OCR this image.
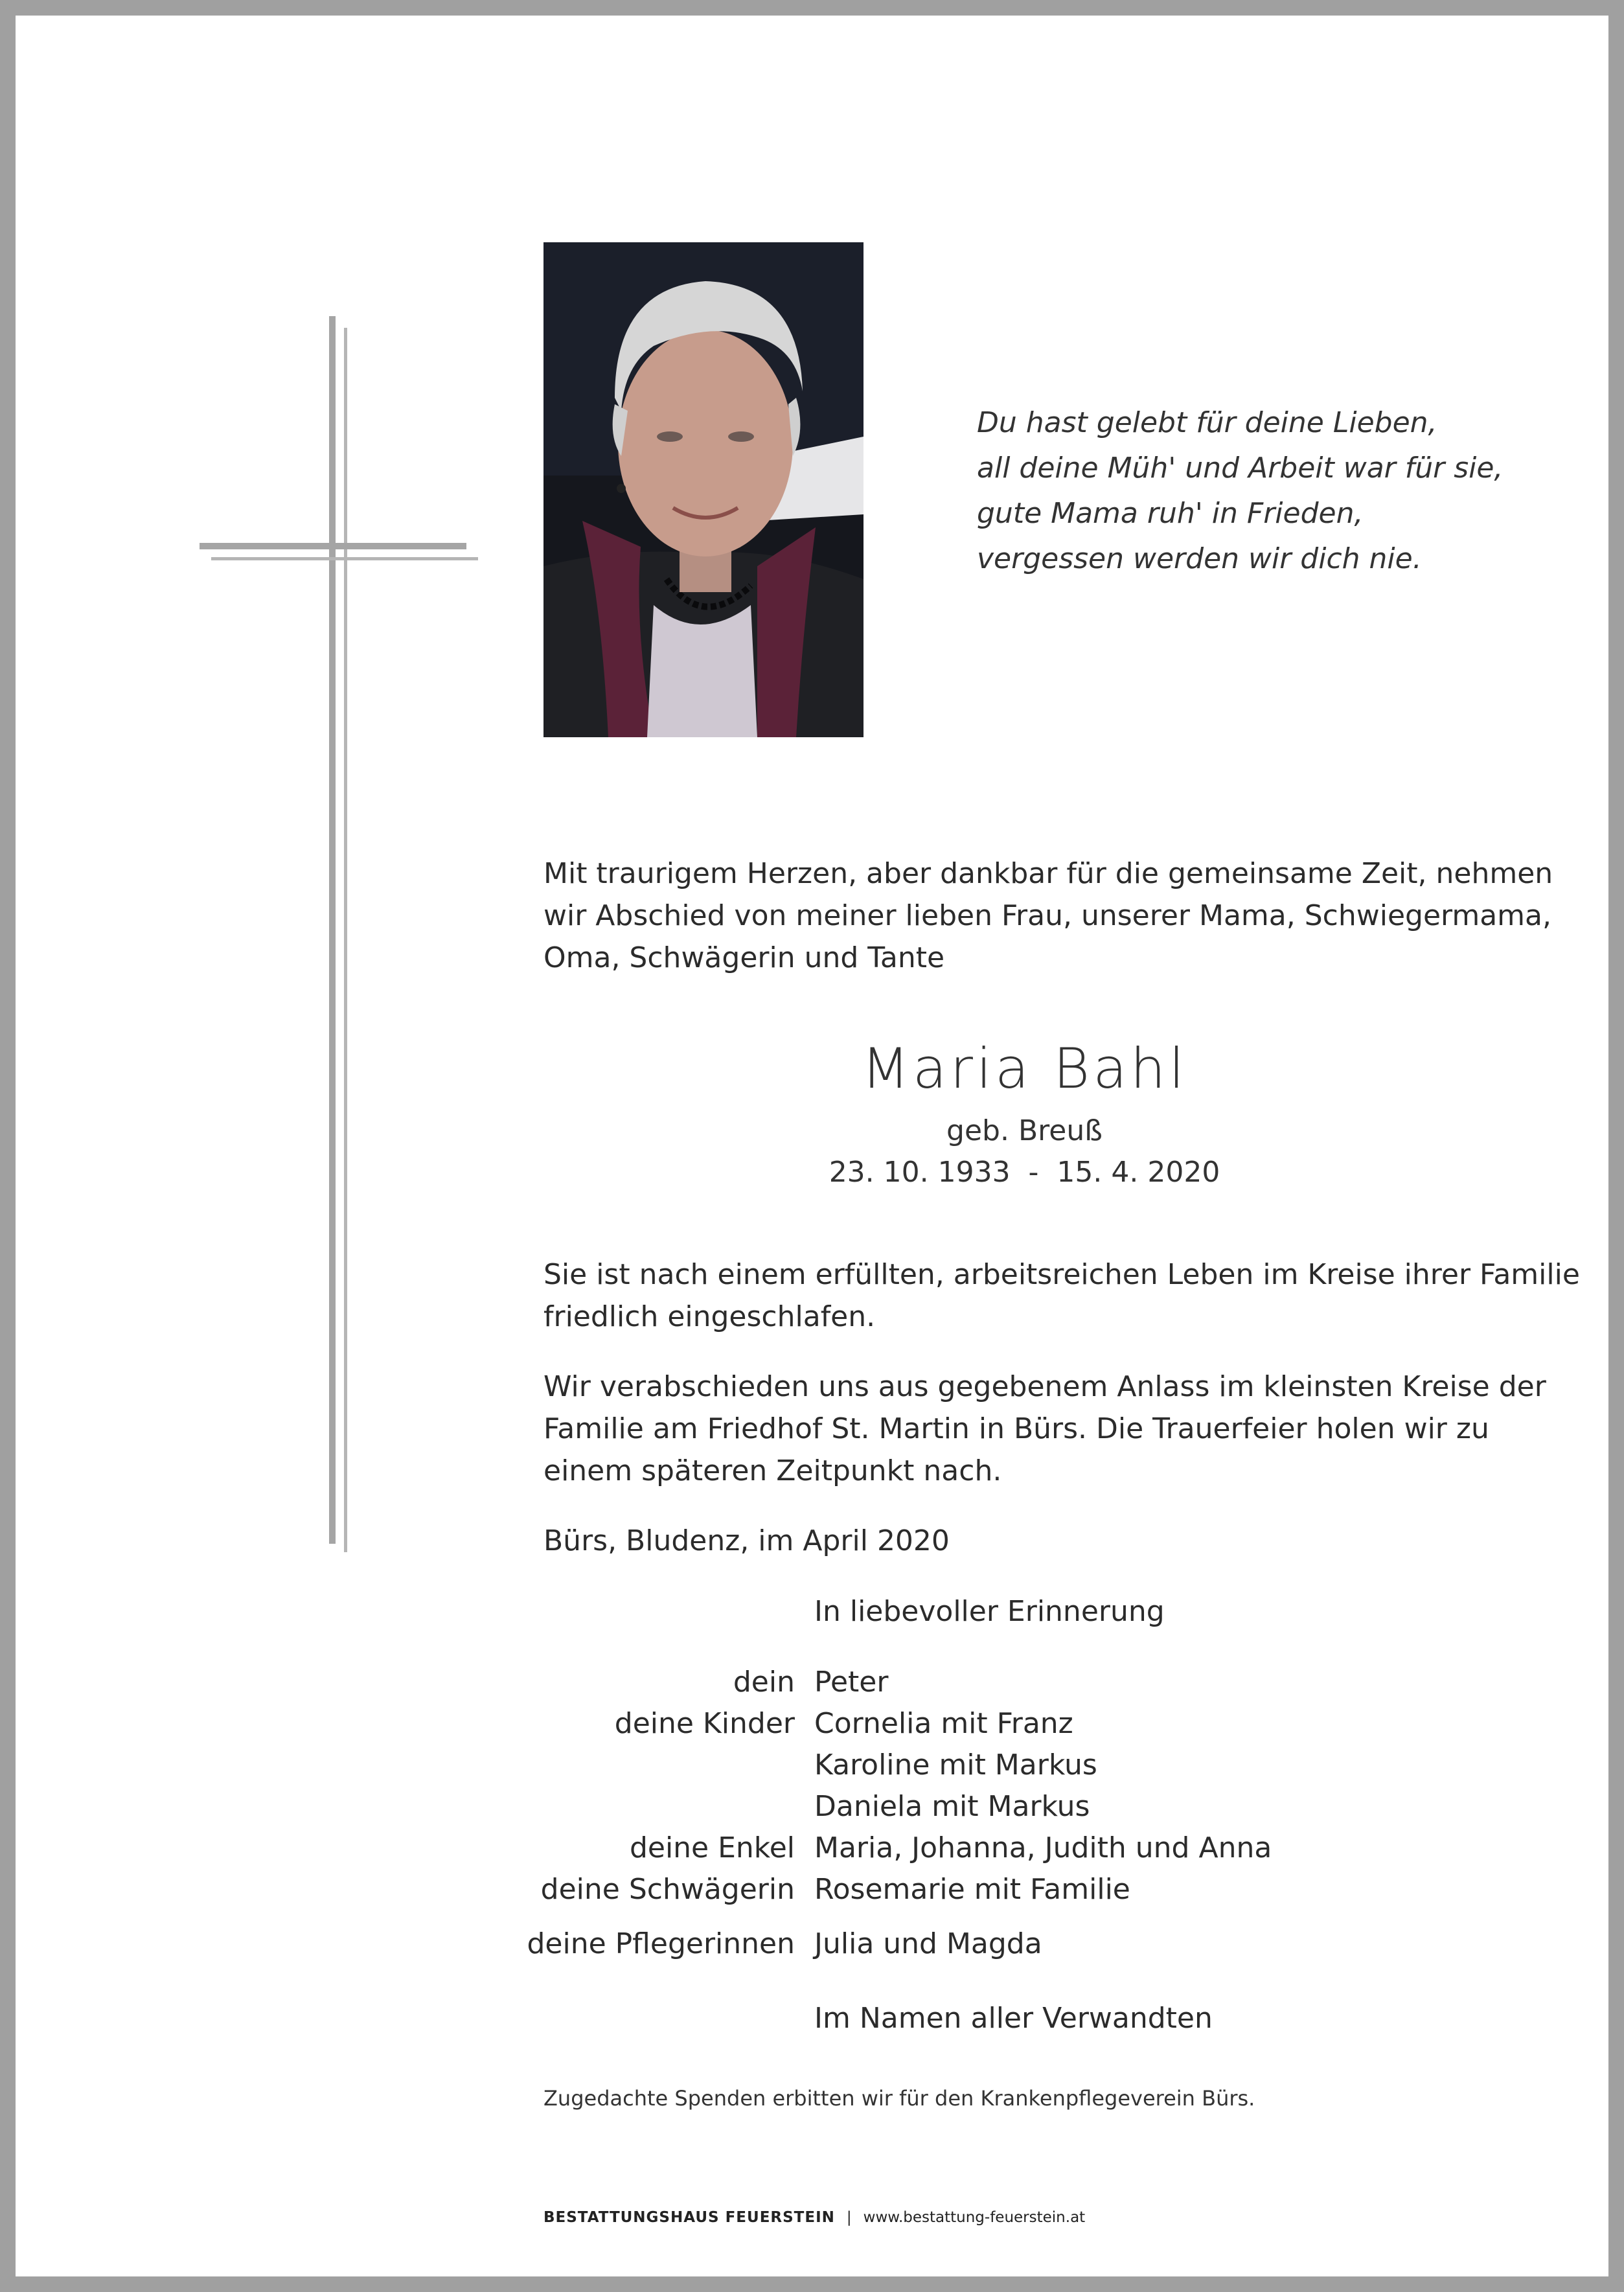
Du hast gelebt für deine Lieben,
all deine Müh' und Arbeit war für sie,
gute Mama ruh' in Frieden,
vergessen werden wir dich nie.
Mit traurigem Herzen, aber dankbar für die gemeinsame Zeit, nehmen
wir Abschied von meiner lieben Frau, unserer Mama, Schwiegermama,
Oma, Schwägerin und Tante
Maria Bahl
geb. Breuß
23. 10. 1933  -  15. 4. 2020
Sie ist nach einem erfüllten, arbeitsreichen Leben im Kreise ihrer Familie
friedlich eingeschlafen.
Wir verabschieden uns aus gegebenem Anlass im kleinsten Kreise der
Familie am Friedhof St. Martin in Bürs. Die Trauerfeier holen wir zu
einem späteren Zeitpunkt nach.
Bürs, Bludenz, im April 2020
In liebevoller Erinnerung
dein Peter
deine Kinder Cornelia mit Franz
Karoline mit Markus
Daniela mit Markus
deine Enkel Maria, Johanna, Judith und Anna
deine Schwägerin Rosemarie mit Familie
deine Pflegerinnen Julia und Magda
Im Namen aller Verwandten
Zugedachte Spenden erbitten wir für den Krankenpflegeverein Bürs.
BESTATTUNGSHAUS FEUERSTEIN | www.bestattung-feuerstein.at
